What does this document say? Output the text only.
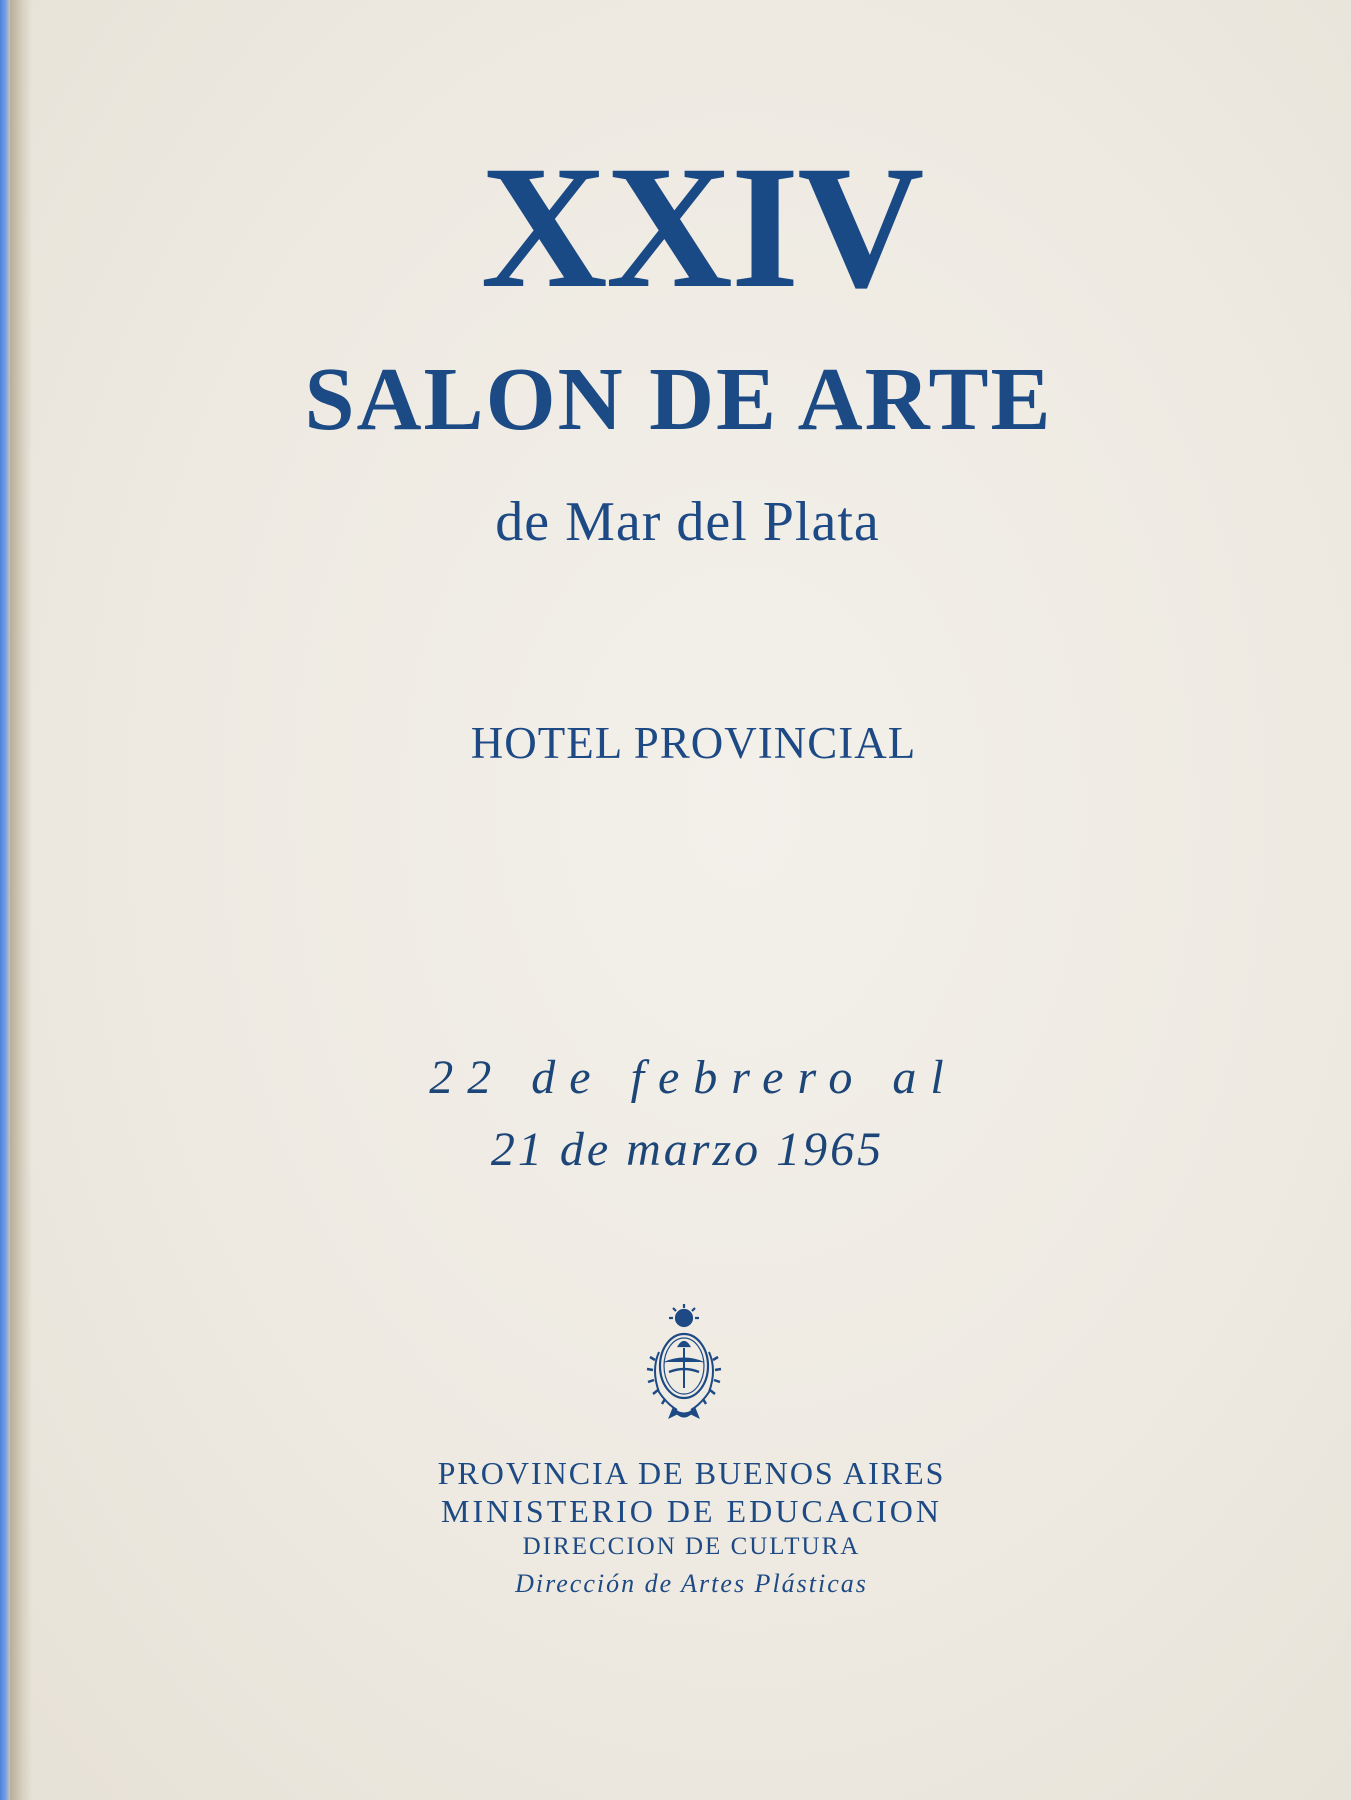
XXIV
SALON DE ARTE

de Mar del Plata

HOTEL PROVINCIAL

22 de febrero al

21 de marzo 1965

PROVINCIA DE BUENOS AIRES

MINISTERIO DE EDUCACION

DIRECCION DE CULTURA

Dirección de Artes Plásticas
